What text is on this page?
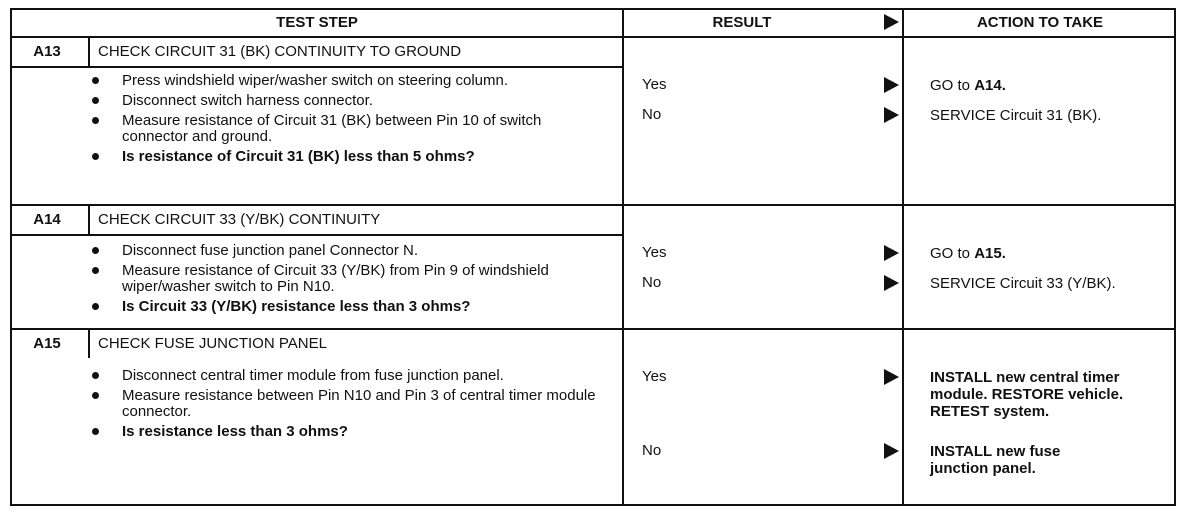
TEST STEP	RESULT	ACTION TO TAKE
A13	CHECK CIRCUIT 31 (BK) CONTINUITY TO GROUND
Press windshield wiper/washer switch on steering column.
Disconnect switch harness connector.
Measure resistance of Circuit 31 (BK) between Pin 10 of switch connector and ground.
Is resistance of Circuit 31 (BK) less than 5 ohms?
Yes	GO to A14.
No	SERVICE Circuit 31 (BK).
A14	CHECK CIRCUIT 33 (Y/BK) CONTINUITY
Disconnect fuse junction panel Connector N.
Measure resistance of Circuit 33 (Y/BK) from Pin 9 of windshield wiper/washer switch to Pin N10.
Is Circuit 33 (Y/BK) resistance less than 3 ohms?
Yes	GO to A15.
No	SERVICE Circuit 33 (Y/BK).
A15	CHECK FUSE JUNCTION PANEL
Disconnect central timer module from fuse junction panel.
Measure resistance between Pin N10 and Pin 3 of central timer module connector.
Is resistance less than 3 ohms?
Yes	INSTALL new central timer module. RESTORE vehicle. RETEST system.
No	INSTALL new fuse junction panel.
